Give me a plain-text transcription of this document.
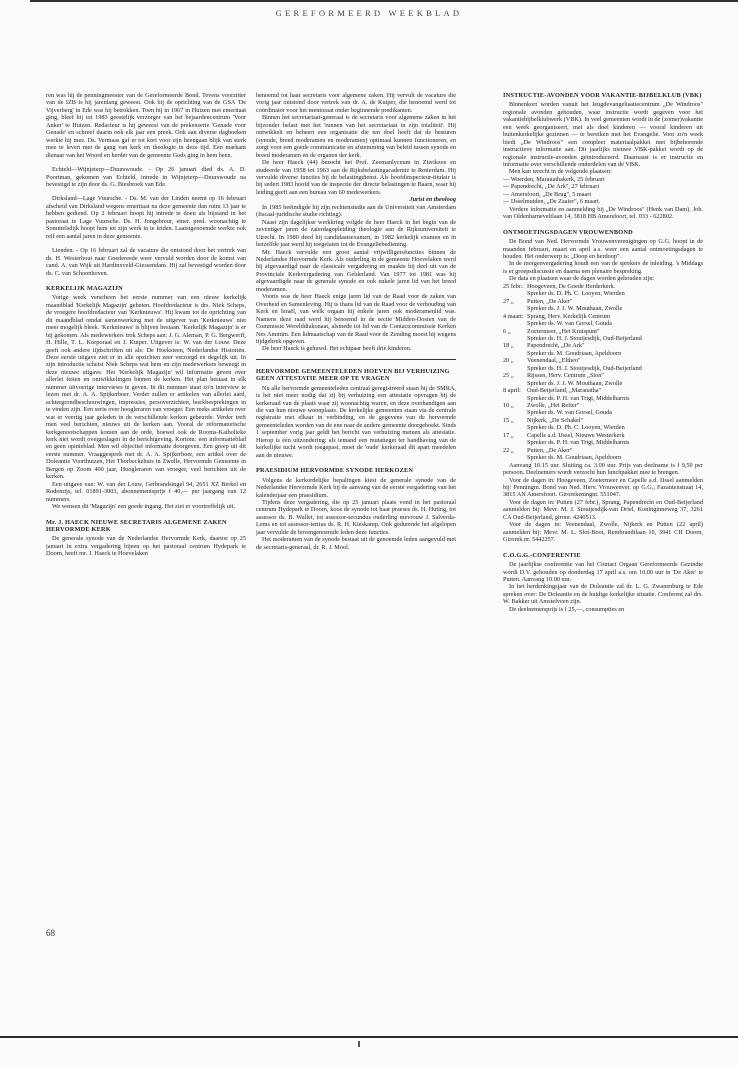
GEREFORMEERD WEEKBLAD

ren was hij de penningmeester van de Gereformeerde Bond. Tevens voorzitter van de IZB is hij jarenlang geweest. Ook bij de oprichting van de GSA 'De Vijverberg' in Ede was hij betrokken. Toen hij in 1967 in Huizen met emeritaat ging, bleef hij tot 1983 geestelijk verzorger van het bejaardencentrum 'Voor Anker' te Huizen. Redacteur is hij geweest van de prekenserie 'Genade voor Genade' en schreef daarin ook elk jaar een preek. Ook aan diverse dagboeken werkte hij mee. Ds. Vermaas gaf er tot kort voor zijn heengaan blijk van sterk mee te leven met de gang van kerk en theologie in deze tijd. Een markant dienaar van het Woord en herder van de gemeente Gods ging in hem heen.

Echteld—Wijnjeterp—Duurswoude. - Op 26 januari died ds. A. D. Poortman, gekomen van Echteld, intrede in Wijnjeterp—Duurswoude na bevestigd te zijn door ds. G. Biesbroek van Ede.

Dirksland—Lage Vuursche. - Ds. M. van der Linden neemt op 16 februari afscheid van Dirksland wegens emeritaat na deze gemeente dan ruim 13 jaar te hebben gediend. Op 2 februari hoopt hij intrede te doen als bijstand in het pastoraat te Lage Vuursche. Ds. H. Jongebreur, emer. pred. woonachtig te Sommelsdijk hoopt hem tot zijn werk in te leiden. Laatstgenoemde werkte ook reif een aantal jaren in deze gemeente.

Lienden. - Op 16 februari zal de vacature die ontstond door het vertrek van ds. H. Westerhout naar Goedereede weer vervuld worden door de komst van cand. A. van Wijk uit Hardinxveld-Giessendam. Hij zal bevestigd worden door ds. C. van Schoonhoven.

KERKELIJK MAGAZIJN

Vorige week verscheen het eerste nummer van een nieuw kerkelijk maandblad 'Kerkelijk Magazijn' geheten. Hoofdredacteur is drs. Niek Scheps, de vroegere hoofdredacteur van 'Kerknieuws'. Hij kwam tot de oprichting van dit maandblad omdat samenwerking met de uitgever van 'Kerknieuws' niet meer mogelijk bleek. 'Kerknieuws' is blijven bestaan. 'Kerkelijk Magazijn' is er bij gekomen. Als medewerkers trok Scheps aan: J. G. Aleman, P. G. Bergwerff, H. Hille, T. L. Korporaal en J. Kuiper. Uitgever is: W. van der Louw. Deze geeft ook andere tijdschriften uit als: De Hoeksteen, Nederlandse Historiën. Deze eerste uitgave ziet er in alle opzichten zeer verzorgd en degelijk uit. In zijn introductie schetst Niek Scheps wat hem en zijn medewerkers beweegt in deze nieuwe uitgave. Het 'Kerkelijk Magazijn' wil informatie geven over allerlei feiten en ontwikkelingen binnen de kerken. Het plan bestaat in elk nummer uitvoerige interviews te geven. In dit nummer staat zo'n interview te lezen met dr. A. A. Spijkerboer. Verder zullen er artikelen van allerlei aard, achtergrondbeschouwingen, impressies, persoverzichten, boekbesprekingen in te vinden zijn. Een serie over hoogleraren van vroeger. Een reeks artikelen over wat er veertig jaar geleden in de verschillende kerken gebeurde. Verder treft men veel berichten, nieuws uit de kerken aan. Vooral de reformatorische kerkgenootschappen komen aan de orde, hoewel ook de Rooms-Katholieke kerk niet wordt overgeslagen in de berichtgeving. Kortom: een informatieblad en geen opinieblad. Men wil objectief informatie doorgeven. Een greep uit dit eerste nummer. Vraaggesprek met dr. A. A. Spijkerboer, een artikel over de Doleantie Voorthuizen, Het Thorbeckehuis in Zwolle, Hervormde Gemeente in Bergen op Zoom 400 jaar, Hoogleraren van vroeger, veel berichten uit de kerken.

Een uitgave van: W. van der Louw, Gerbrandsingel 94, 2651 XZ Berkel en Rodenrijs, tel. 01891-3003, abonnementsprijs f 40,— per jaargang van 12 nummers.

We wensen dit 'Magazijn' een goede ingang. Het ziet er voortreffelijk uit.

Mr. J. HAECK NIEUWE SECRETARIS ALGEMENE ZAKEN HERVORMDE KERK

De generale synode van de Nederlandse Hervormde Kerk, daartoe op 25 januari in extra vergadering bijeen op het pastoraal centrum Hydepark te Doorn, heeft mr. J. Haeck te Hoevelaken

benoemd tot haar secretaris voor algemene zaken. Hij vervult de vacature die vorig jaar ontstond door vertrek van dr. A. de Kuiper, die benoemd werd tot coördinator voor het mentoraat onder beginnende predikanten.

Binnen het secretariaat-generaal is de secretaris voor algemene zaken in het bijzonder belast met het 'runnen van het secretariaat in zijn totaliteit'. Hij ontwikkelt en beheert een organisatie die ten doel heeft dat de besturen (synode, breed moderamen en moderamen) optimaal kunnen functioneren, en zorgt voor een goede communicatie en afstemming van beleid tussen synode en breed moderamen en de organen der kerk.

De heer Haeck (44) bezocht het Prof. Zeemanlyceum in Zierikzee en studeerde van 1958 tot 1963 aan de Rijksbelastingacademie te Rotterdam. Hij vervulde diverse functies bij de belastingdienst. Als hoofdinspecteur-titulair is hij sedert 1983 hoofd van de inspectie der directe belastingen te Baarn, waar hij leiding geeft aan een bureau van 60 medewerkers.

Jurist en theoloog

In 1985 beëindigde hij zijn rechtenstudie aan de Universiteit van Amsterdam (fiscaal-juridische studie richting).

Naast zijn dagelijkse werkkring volgde de heer Haeck in het begin van de zeventiger jaren de zaterdagopleiding theologie aan de Rijksuniversiteit te Utrecht. In 1980 deed hij candidaatsexamen, in 1982 kerkelijk examen en in hetzelfde jaar werd hij toegelaten tot de Evangeliebediening.

Mr. Haeck vervulde een groot aantal vrijwilligersfuncties binnen de Nederlandse Hervormde Kerk. Als ouderling in de gemeente Hoevelaken werd hij afgevaardigd naar de classicale vergadering en maakte hij deel uit van de Provinciale Kerkvergadering van Gelderland. Van 1977 tot 1981 was hij afgevaardigde naar de generale synode en ook enkele jaren lid van het breed moderamen.

Voorts was de heer Haeck enige jaren lid van de Raad voor de zaken van Overheid en Samenleving. Hij is thans lid van de Raad voor de verhouding van Kerk en Israël, van welk orgaan hij enkele jaren ook moderamenlid was. Namens deze raad werd hij benoemd in de sectie Midden-Oosten van de Commissie Werelddiakonaat, alsmede tot lid van de Contactcommissie Kerken Nes Ammim. Een lidmaatschap van de Raad voor de Zending moest hij wegens tijdgebrek opgeven.

De heer Haeck is gehuwd. Het echtpaar heeft drie kinderen.

HERVORMDE GEMEENTELEDEN HOEVEN BIJ VERHUIZING GEEN ATTESTATIE MEER OP TE VRAGEN

Nu alle hervormde gemeenteleden centraal geregistreerd staan bij de SMRA, is het niet meer nodig dat zij bij verhuizing een attestatie opvragen bij de kerkeraad van de plaats waar zij woonachtig waren, en deze overhandigen aan die van hun nieuwe woonplaats. De kerkelijke gemeenten staan via de centrale registratie met elkaar in verbinding, en de gegevens van de hervormde gemeenteleden worden van de ene naar de andere gemeente doorgeboekt. Sinds 1 september vorig jaar geldt het bericht van verhuizing meteen als attestatie. Hierop is één uitzondering: als iemand een mutatieget ter handhaving van de kerkelijke tucht wordt toegepast, moet de 'oude' kerkeraad dit apart meedelen aan de nieuwe.

PRAESIDIUM HERVORMDE SYNODE HERKOZEN

Volgens de kerkordelijke bepalingen kiest de generale synode van de Nederlandse Hervormde Kerk bij de aanvang van de eerste vergadering van het kalenderjaar een praesidium.

Tijdens deze vergadering, die op 25 januari plaats vond in het pastoraal centrum Hydepark te Doorn, koos de synode tot haar praeses ds. H. Huting, tot assessor ds. B. Wallet, tot assessor-secundus ouderling mevrouw J. Salverda-Lems en tot assessor-tertius ds. R. H. Kieskamp. Ook gedurende het afgelopen jaar vervulde de bovengenoemde leden deze functies.

Het moderamen van de synode bestaat uit de genoemde leden aangevuld met de secretaris-generaal, dr. R. J. Mool.

INSTRUCTIE-AVONDEN VOOR VAKANTIE-BIJBELKLUB (VBK)

Binnenkort worden vanuit het Jeugdevangelisatiecentrum „De Windroos" regionale avonden gehouden, waar instructie wordt gegeven voor het vakantiebijbelklubwerk (VBK). In veel gemeenten wordt in de (zomer)vakantie een week georganiseert, met als doel kinderen — vooral kinderen uit buitenkerkelijke gezinnen — te bereiken met het Evangelie. Voor zo'n week biedt „De Windroos" een compleet materiaalpakket met bijbehorende instructieve informatie aan. Dit jaarlijks nieuwe VBK-pakket wordt op de regionale instructie-avonden geïntroduceerd. Daarnaast is er instructie en informatie over verschillende onderdelen van de VBK.

Men kan terecht in de volgende plaatsen:

— Woerden, Maranathakerk, 25 februari

— Papendrecht, „De Ark", 27 februari

— Amersfoort, „De Brug", 5 maart

— IJsselmuiden, „De Zaaier", 6 maart.

Verdere informatie en aanmelding bij „De Windroos" (Henk van Dam), Joh. van Oldenbarneveltlaan 14, 3818 HB Amersfoort, tel. 033 - 622802.

ONTMOETINGSDAGEN VROUWENBOND

De Bond van Ned. Hervormde Vrouwenverenigingen op G.G. hoopt in de maanden februari, maart en april a.s. weer een aantal ontmoetingsdagen te houden. Het onderwerp is: „Doop en herdoop".

In de morgenvergadering houdt een van de sprekers de inleiding. 's Middags is er groepsdiscussie en daarna een plenaire bespreking.

De data en plaatsen waar de dagen worden gehouden zijn:

25 febr.: Hoogeveen, De Goede Herderkerk.
Spreker ds. D. Ph. C. Looyen, Wierden
27 „	Putten, „De Aker"
Spreker ds. J. J. W. Mouthaan, Zwolle
4 maart: Sprang, Herv. Kerkelijk Centrum
Spreker ds. W. van Gorsel, Gouda
6 „	Zoetermeer, „Het Kruispunt"
Spreker ds. H. J. Stoutjesdijk, Oud-Beijerland
18 „	Papendrecht, „De Ark"
Spreker ds. M. Goudriaan, Apeldoorn
20 „	Veenendaal, „Eltheo"
Spreker ds. H. J. Stoutjesdijk, Oud-Beijerland
25 „	Rijssen, Herv. Centrum „Sion"
Spreker ds. J. J. W. Mouthaan, Zwolle
8 april: Oud-Beijerland, „Maranatha"
Spreker ds. P. H. van Trigt, Middelharnis
10 „	Zwolle, „Het Refter"
Spreker ds. W. van Gorsel, Gouda
15 „	Nijkerk, „De Schakel"
Spreker ds. D. Ph. C. Looyen, Wierden
17 „	Capelle a.d. IJssel, Nieuwe Westerkerk
Spreker ds. P. H. van Trigt, Middelharnis
22 „	Putten, „De Aker"
Spreker ds. M. Goudriaan, Apeldoorn

Aanvang 10.15 uur. Sluiting ca. 3.00 uur. Prijs van deelname is f 9,50 per persoon. Deelnemers wordt verzocht hun lunchpakket mee te brengen.

Voor de dagen in: Hoogeveen, Zoetermeer en Capelle a.d. IJssel aanmelden bij: Penningm. Bond van Ned. Herv. Vrouwenver. op G.G., Fazantenstraat 14, 3815 AN Amersfoort. Girorekeningnr. 551047.

Voor de dagen in: Putten (27 febr.), Sprang, Papendrecht en Oud-Beijerland aanmelden bij: Mevr. M. J. Stoutjesdijk-van Driel, Koninginneweg 37, 3261 CA Oud-Beijerland, gironr. 4240513.

Voor de dagen in: Veenendaal, Zwolle, Nijkerk en Putten (22 april) aanmelden bij: Mevr. M. L. Slot-Boot, Rembrandtlaan 10, 3941 CH Doorn, Girorek.nr. 5442257.

C.O.G.G.-CONFERENTIE

De jaarlijkse conferentie van het Contact Orgaan Gereformeerde Gezindte wordt D.V. gehouden op donderdag 17 april a.s. om 10.00 uur in 'De Aker' te Putten. Aanvang 10.00 uur.

In het herdenkingsjaar van de Doleantie zal dr. L. G. Zwanenburg te Ede spreken over: De Doleantie en de huidige kerkelijke situatie. Conferent zal drs. W. Bakker uit Amstelveen zijn.

De deelnemersprijs is f 25,—, consumpties en

68
